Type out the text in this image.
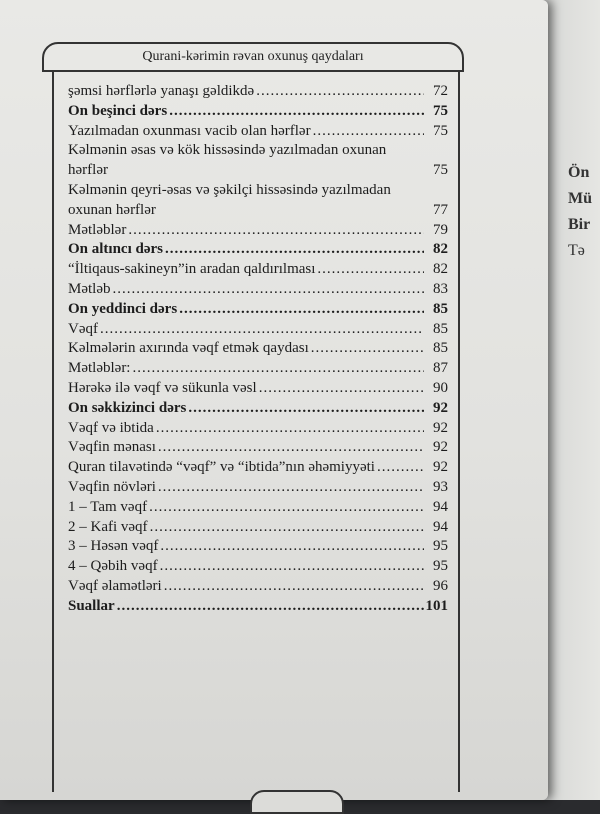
Ön
Mü
Bir
Tə
Qurani-kərimin rəvan oxunuş qaydaları
şəmsi hərflərlə yanaşı gəldikdə .....	72
On beşinci dərs .....	75
Yazılmadan oxunması vacib olan hərflər .....	75
Kəlmənin əsas və kök hissəsində yazılmadan oxunan hərflər	75
Kəlmənin qeyri-əsas və şəkilçi hissəsində yazılmadan oxunan hərflər	77
Mətləblər .....	79
On altıncı dərs .....	82
“İltiqaus-sakineyn”in aradan qaldırılması .....	82
Mətləb .....	83
On yeddinci dərs .....	85
Vəqf .....	85
Kəlmələrin axırında vəqf etmək qaydası .....	85
Mətləblər: .....	87
Hərəkə ilə vəqf və sükunla vəsl .....	90
On səkkizinci dərs .....	92
Vəqf və ibtida .....	92
Vəqfin mənası .....	92
Quran tilavətində “vəqf” və “ibtida”nın əhəmiyyəti .....	92
Vəqfin növləri .....	93
1 – Tam vəqf .....	94
2 – Kafi vəqf .....	94
3 – Həsən vəqf .....	95
4 – Qəbih vəqf .....	95
Vəqf əlamətləri .....	96
Suallar .....	101
